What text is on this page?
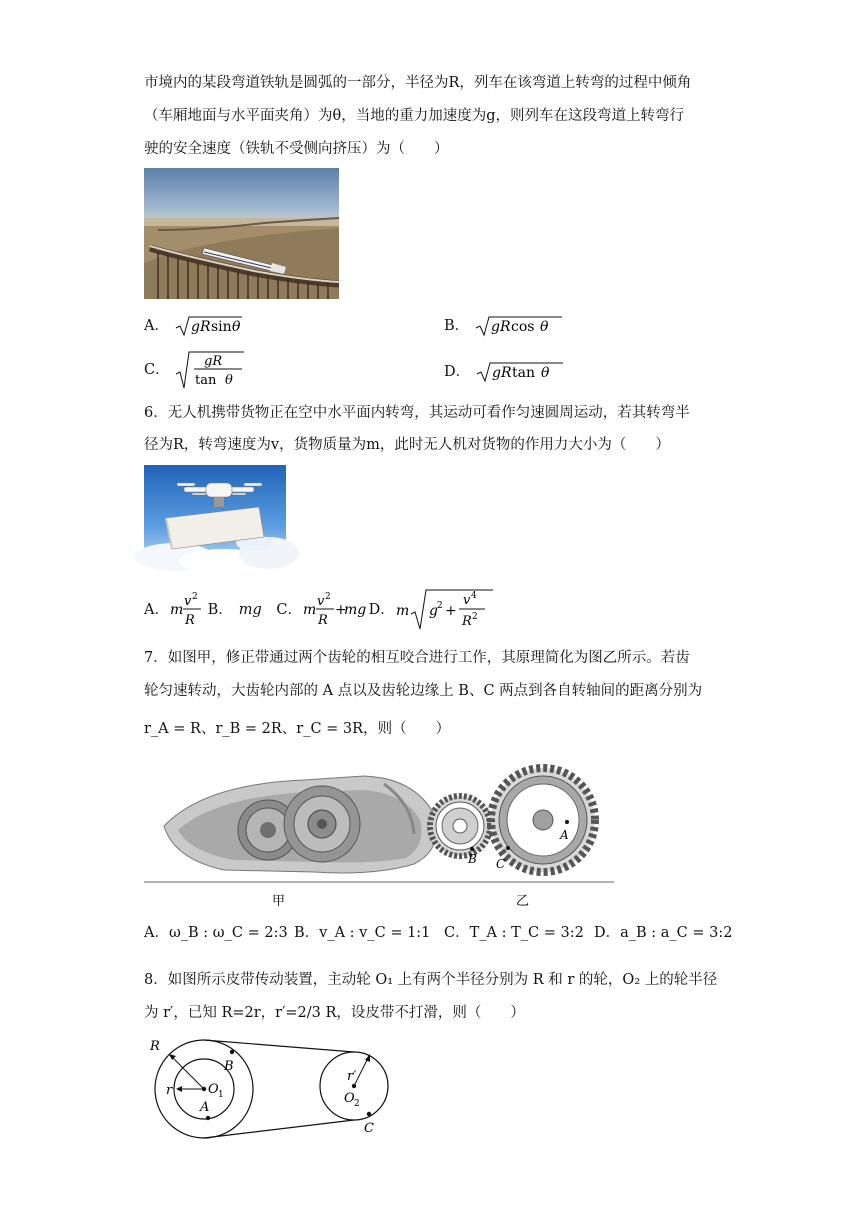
市境内的某段弯道铁轨是圆弧的一部分，半径为R，列车在该弯道上转弯的过程中倾角
（车厢地面与水平面夹角）为θ，当地的重力加速度为g，则列车在这段弯道上转弯行
驶的安全速度（铁轨不受侧向挤压）为（　　）
A． gR sin θ	B． gR cos θ
C．
gR
tan θ
D． gR tan θ
6．无人机携带货物正在空中水平面内转弯，其运动可看作匀速圆周运动，若其转弯半
径为R，转弯速度为v，货物质量为m，此时无人机对货物的作用力大小为（　　）
A． m
v 2
R
B． mg C． m
v 2
R
+
mg D． m g 2 +
v 4
R 2
7．如图甲，修正带通过两个齿轮的相互咬合进行工作，其原理简化为图乙所示。若齿
轮匀速转动，大齿轮内部的 A 点以及齿轮边缘上 B、C 两点到各自转轴间的距离分别为
r_A = R、r_B = 2R、r_C = 3R，则（　　）
A
B C
甲	乙
A．ω_B : ω_C = 2:3 B．v_A : v_C = 1:1 C．T_A : T_C = 3:2 D．a_B : a_C = 3:2
8．如图所示皮带传动装置，主动轮 O₁ 上有两个半径分别为 R 和 r 的轮，O₂ 上的轮半径
为 r′，已知 R=2r，r′=2/3 R，设皮带不打滑，则（　　）
R
r	O 1
B
A
r′
O 2
C
